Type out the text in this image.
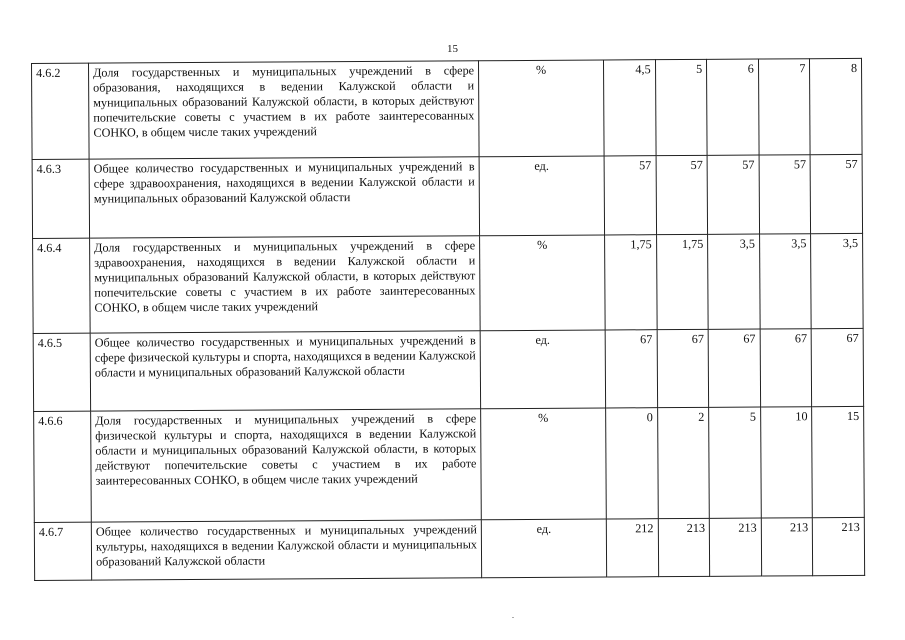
15
4.6.2	Доля государственных и муниципальных учреждений в сфере образования, находящихся в ведении Калужской области и муниципальных образований Калужской области, в которых действуют попечительские советы с участием в их работе заинтересованных СОНКО, в общем числе таких учреждений	%	4,5	5	6	7	8
4.6.3	Общее количество государственных и муниципальных учреждений в сфере здравоохранения, находящихся в ведении Калужской области и муниципальных образований Калужской области	ед.	57	57	57	57	57
4.6.4	Доля государственных и муниципальных учреждений в сфере здравоохранения, находящихся в ведении Калужской области и муниципальных образований Калужской области, в которых действуют попечительские советы с участием в их работе заинтересованных СОНКО, в общем числе таких учреждений	%	1,75	1,75	3,5	3,5	3,5
4.6.5	Общее количество государственных и муниципальных учреждений в сфере физической культуры и спорта, находящихся в ведении Калужской области и муниципальных образований Калужской области	ед.	67	67	67	67	67
4.6.6	Доля государственных и муниципальных учреждений в сфере физической культуры и спорта, находящихся в ведении Калужской области и муниципальных образований Калужской области, в которых действуют попечительские советы с участием в их работе заинтересованных СОНКО, в общем числе таких учреждений	%	0	2	5	10	15
4.6.7	Общее количество государственных и муниципальных учреждений культуры, находящихся в ведении Калужской области и муниципальных образований Калужской области	ед.	212	213	213	213	213
